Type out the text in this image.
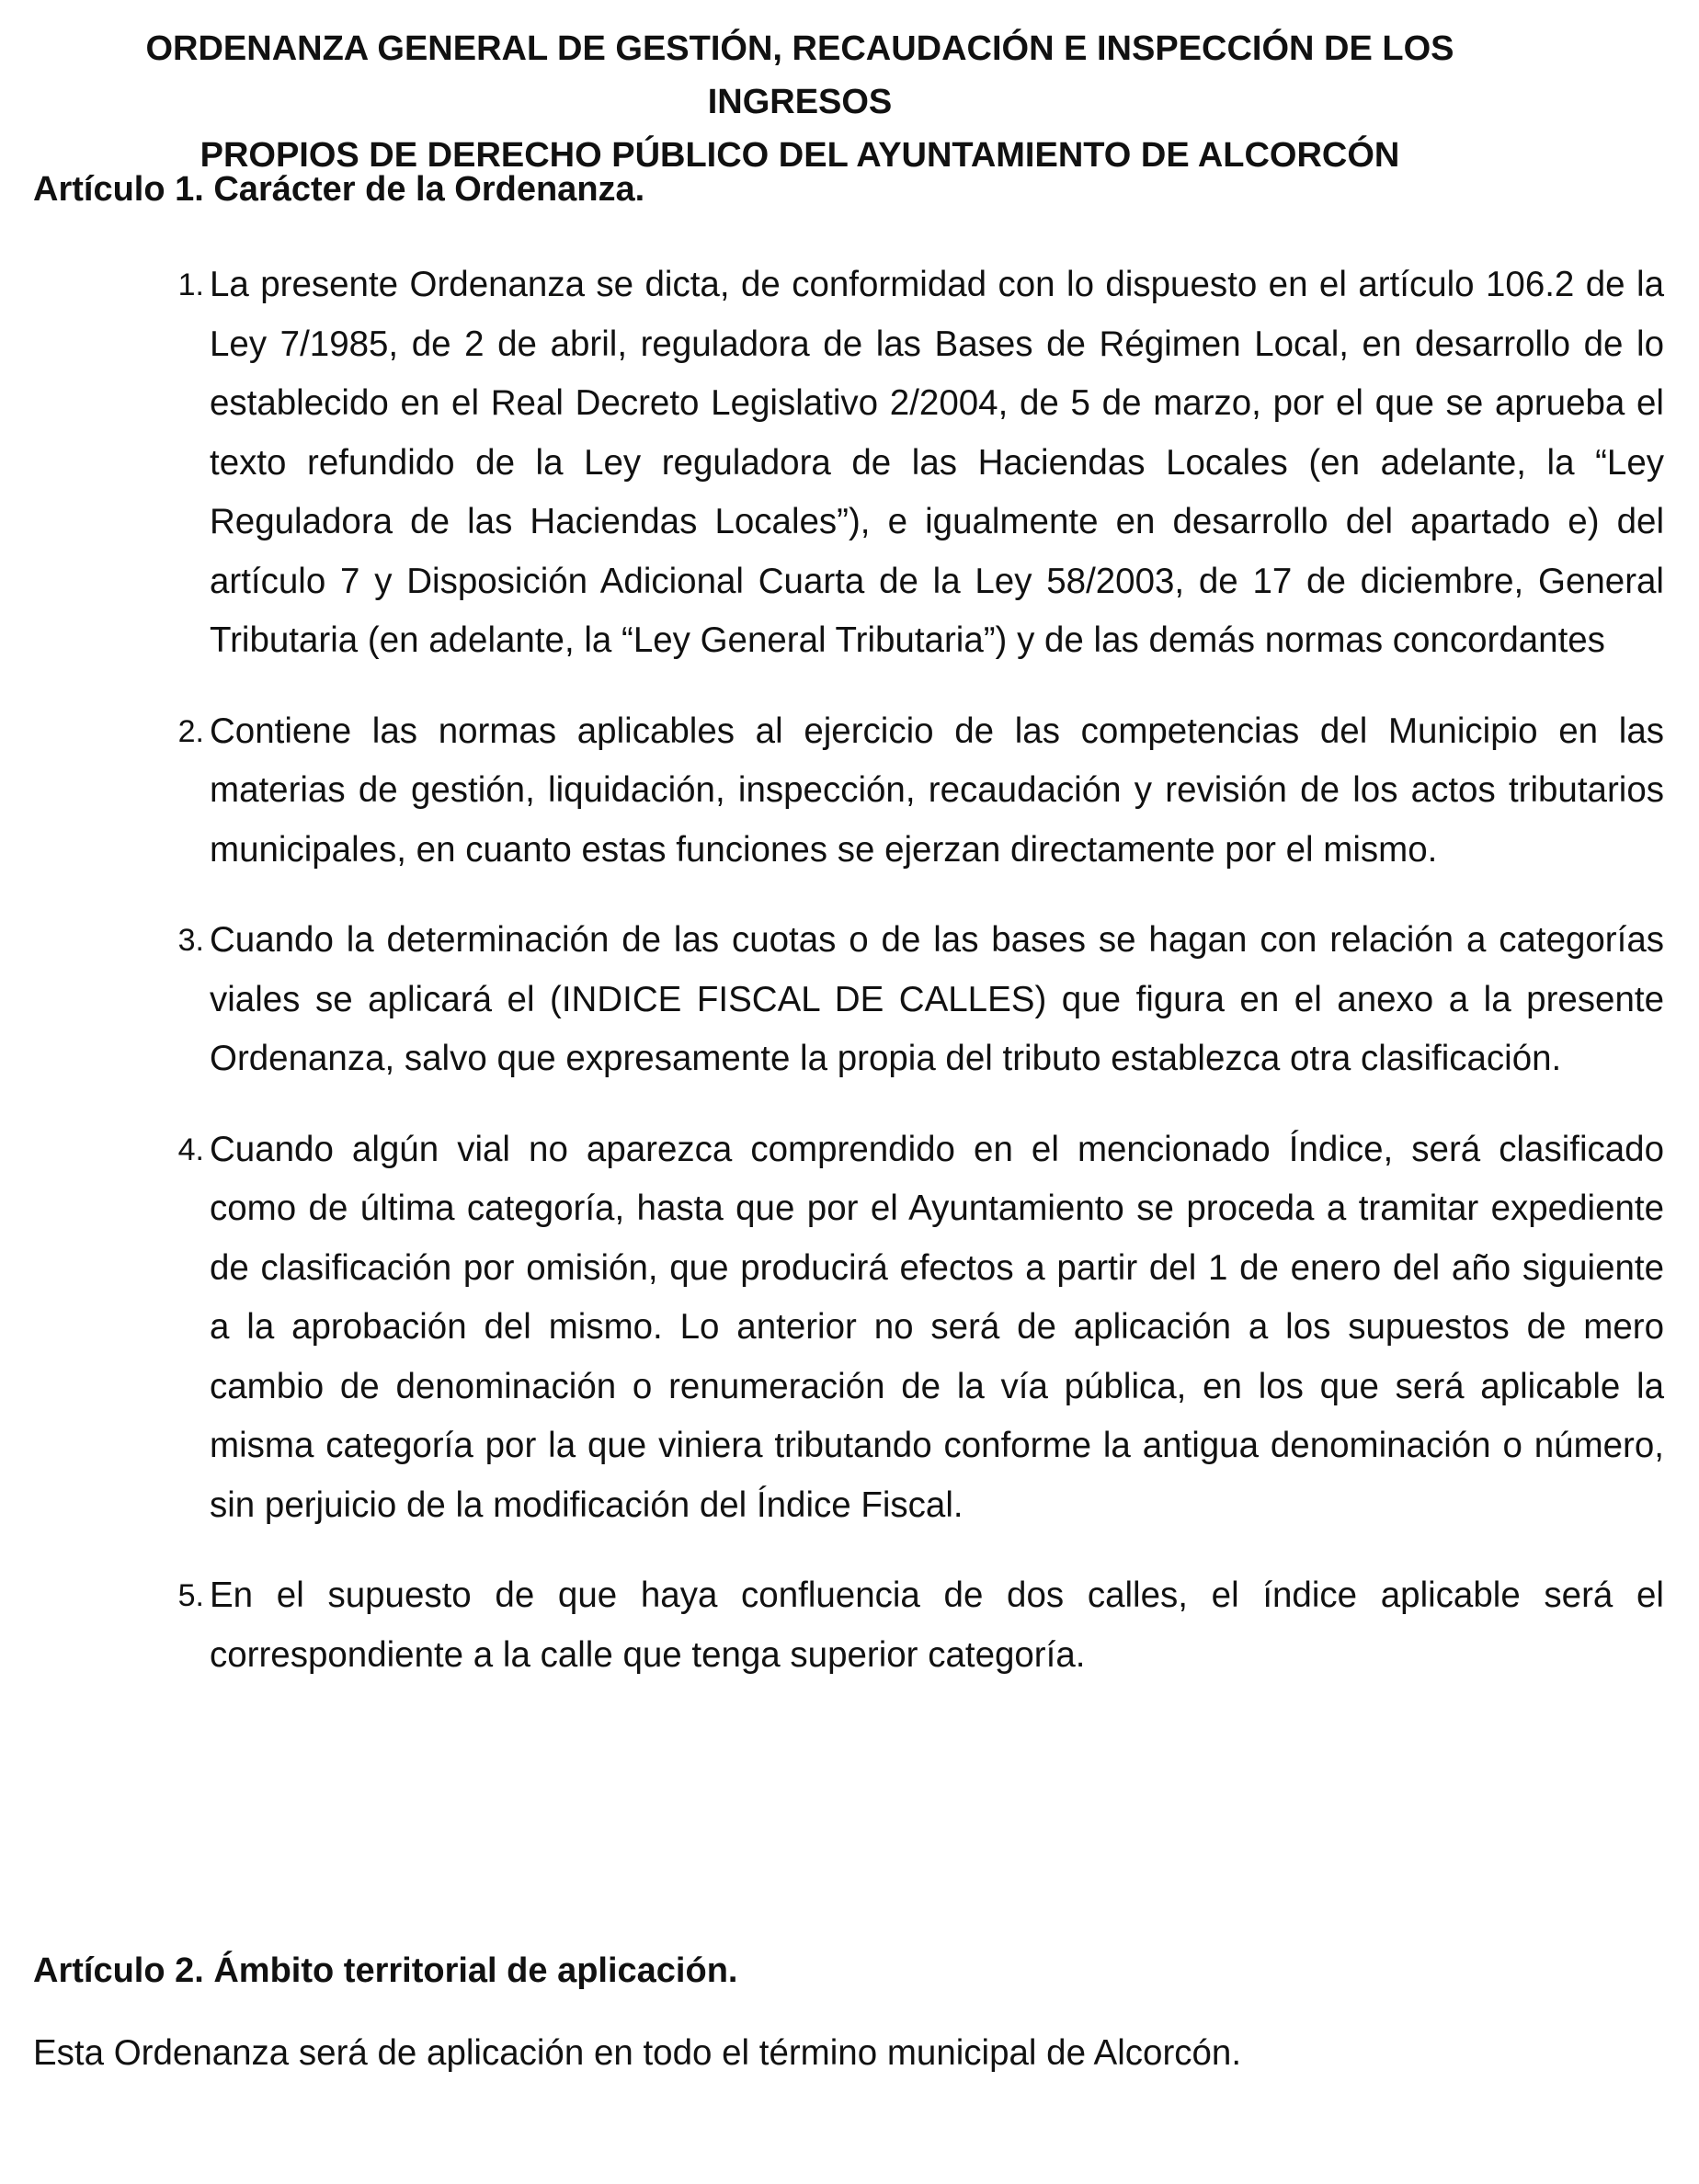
ORDENANZA GENERAL DE GESTIÓN, RECAUDACIÓN E INSPECCIÓN DE LOS INGRESOS
PROPIOS DE DERECHO PÚBLICO DEL AYUNTAMIENTO DE ALCORCÓN
Artículo 1. Carácter de la Ordenanza.
1. La presente Ordenanza se dicta, de conformidad con lo dispuesto en el artículo 106.2 de la Ley 7/1985, de 2 de abril, reguladora de las Bases de Régimen Local, en desarrollo de lo establecido en el Real Decreto Legislativo 2/2004, de 5 de marzo, por el que se aprueba el texto refundido de la Ley reguladora de las Haciendas Locales (en adelante, la “Ley Reguladora de las Haciendas Locales”), e igualmente en desarrollo del apartado e) del artículo 7 y Disposición Adicional Cuarta de la Ley 58/2003, de 17 de diciembre, General Tributaria (en adelante, la “Ley General Tributaria”) y de las demás normas concordantes
2. Contiene las normas aplicables al ejercicio de las competencias del Municipio en las materias de gestión, liquidación, inspección, recaudación y revisión de los actos tributarios municipales, en cuanto estas funciones se ejerzan directamente por el mismo.
3. Cuando la determinación de las cuotas o de las bases se hagan con relación a categorías viales se aplicará el (INDICE FISCAL DE CALLES) que figura en el anexo a la presente Ordenanza, salvo que expresamente la propia del tributo establezca otra clasificación.
4. Cuando algún vial no aparezca comprendido en el mencionado Índice, será clasificado como de última categoría, hasta que por el Ayuntamiento se proceda a tramitar expediente de clasificación por omisión, que producirá efectos a partir del 1 de enero del año siguiente a la aprobación del mismo. Lo anterior no será de aplicación a los supuestos de mero cambio de denominación o renumeración de la vía pública, en los que será aplicable la misma categoría por la que viniera tributando conforme la antigua denominación o número, sin perjuicio de la modificación del Índice Fiscal.
5. En el supuesto de que haya confluencia de dos calles, el índice aplicable será el correspondiente a la calle que tenga superior categoría.
Artículo 2. Ámbito territorial de aplicación.

Esta Ordenanza será de aplicación en todo el término municipal de Alcorcón.
